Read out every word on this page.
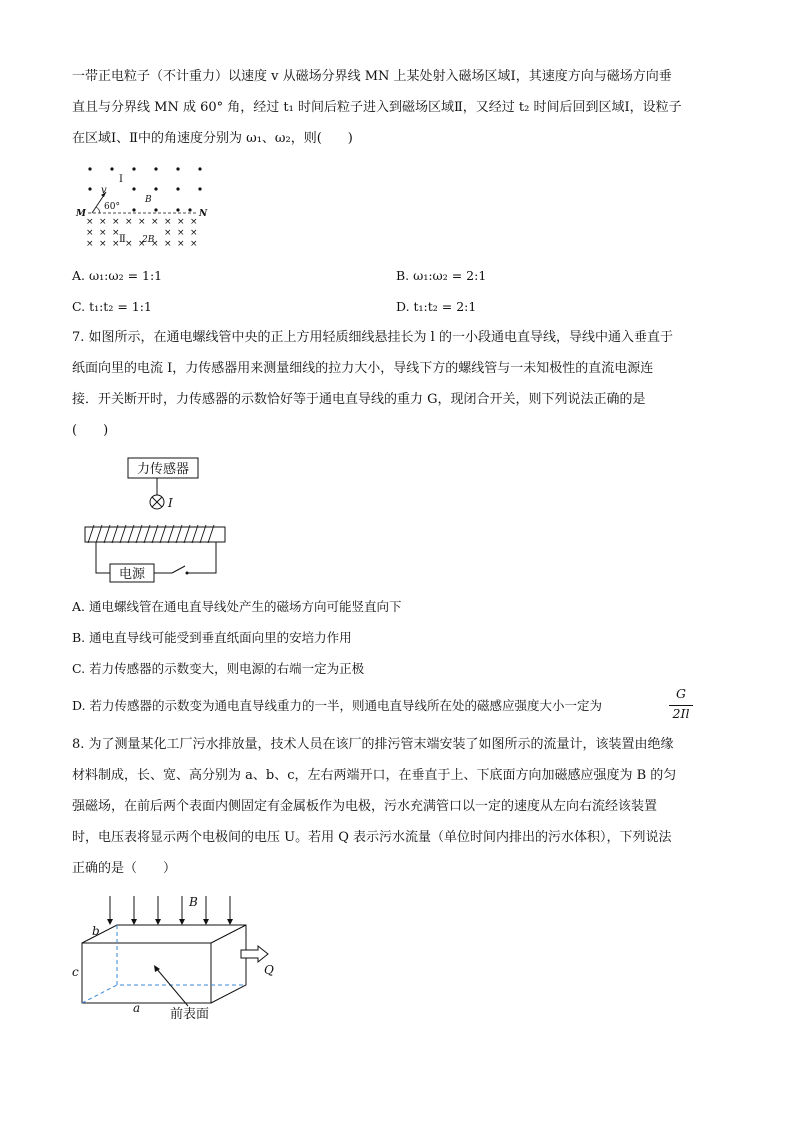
一带正电粒子（不计重力）以速度 v 从磁场分界线 MN 上某处射入磁场区域Ⅰ，其速度方向与磁场方向垂
直且与分界线 MN 成 60° 角，经过 t₁ 时间后粒子进入到磁场区域Ⅱ，又经过 t₂ 时间后回到区域Ⅰ，设粒子
在区域Ⅰ、Ⅱ中的角速度分别为 ω₁、ω₂，则(　　)
× × × × × × × × ×
× × ×	× × ×
× × × × × × × × ×
Ⅰ
v
60°
B
M	N
Ⅱ 2B
A. ω₁:ω₂ = 1:1	B. ω₁:ω₂ = 2:1
C. t₁:t₂ = 1:1	D. t₁:t₂ = 2:1
7. 如图所示，在通电螺线管中央的正上方用轻质细线悬挂长为 l 的一小段通电直导线，导线中通入垂直于
纸面向里的电流 I，力传感器用来测量细线的拉力大小，导线下方的螺线管与一未知极性的直流电源连
接．开关断开时，力传感器的示数恰好等于通电直导线的重力 G，现闭合开关，则下列说法正确的是
(　　)
力传感器
I
电源
A. 通电螺线管在通电直导线处产生的磁场方向可能竖直向下
B. 通电直导线可能受到垂直纸面向里的安培力作用
C. 若力传感器的示数变大，则电源的右端一定为正极
D. 若力传感器的示数变为通电直导线重力的一半，则通电直导线所在处的磁感应强度大小一定为
G
2Il
8. 为了测量某化工厂污水排放量，技术人员在该厂的排污管末端安装了如图所示的流量计，该装置由绝缘
材料制成，长、宽、高分别为 a、b、c，左右两端开口，在垂直于上、下底面方向加磁感应强度为 B 的匀
强磁场，在前后两个表面内侧固定有金属板作为电极，污水充满管口以一定的速度从左向右流经该装置
时，电压表将显示两个电极间的电压 U。若用 Q 表示污水流量（单位时间内排出的污水体积），下列说法
正确的是（　　）
B
Q
b
c
a 前表面
